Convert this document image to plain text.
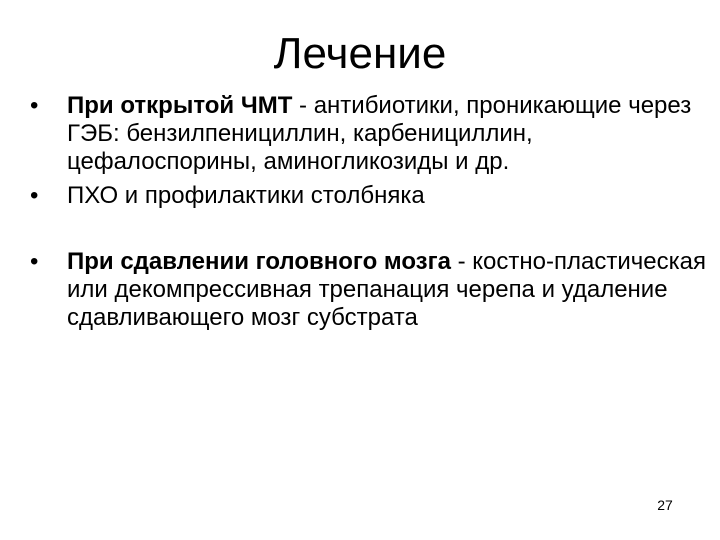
Лечение
•	При открытой ЧМТ - антибиотики, проникающие через ГЭБ: бензилпенициллин, карбенициллин, цефалоспорины, аминогликозиды и др.
•	ПХО и профилактики столбняка
•	При сдавлении головного мозга - костно-пластическая или декомпрессивная трепанация черепа и удаление сдавливающего мозг субстрата
27
